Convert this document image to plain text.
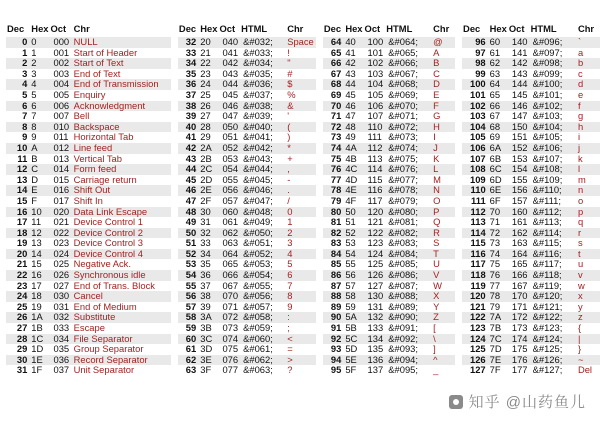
Dec	Hex	Oct	Chr
0	0	000	NULL
1	1	001	Start of Header
2	2	002	Start of Text
3	3	003	End of Text
4	4	004	End of Transmission
5	5	005	Enquiry
6	6	006	Acknowledgment
7	7	007	Bell
8	8	010	Backspace
9	9	011	Horizontal Tab
10	A	012	Line feed
11	B	013	Vertical Tab
12	C	014	Form feed
13	D	015	Carriage return
14	E	016	Shift Out
15	F	017	Shift In
16	10	020	Data Link Escape
17	11	021	Device Control 1
18	12	022	Device Control 2
19	13	023	Device Control 3
20	14	024	Device Control 4
21	15	025	Negative Ack.
22	16	026	Synchronous idle
23	17	027	End of Trans. Block
24	18	030	Cancel
25	19	031	End of Medium
26	1A	032	Substitute
27	1B	033	Escape
28	1C	034	File Separator
29	1D	035	Group Separator
30	1E	036	Record Separator
31	1F	037	Unit Separator
Dec	Hex	Oct	HTML	Chr
32	20	040	&#032;	Space
33	21	041	&#033;	!
34	22	042	&#034;	"
35	23	043	&#035;	#
36	24	044	&#036;	$
37	25	045	&#037;	%
38	26	046	&#038;	&
39	27	047	&#039;	'
40	28	050	&#040;	(
41	29	051	&#041;	)
42	2A	052	&#042;	*
43	2B	053	&#043;	+
44	2C	054	&#044;	,
45	2D	055	&#045;	-
46	2E	056	&#046;	.
47	2F	057	&#047;	/
48	30	060	&#048;	0
49	31	061	&#049;	1
50	32	062	&#050;	2
51	33	063	&#051;	3
52	34	064	&#052;	4
53	35	065	&#053;	5
54	36	066	&#054;	6
55	37	067	&#055;	7
56	38	070	&#056;	8
57	39	071	&#057;	9
58	3A	072	&#058;	:
59	3B	073	&#059;	;
60	3C	074	&#060;	<
61	3D	075	&#061;	=
62	3E	076	&#062;	>
63	3F	077	&#063;	?
Dec	Hex	Oct	HTML	Chr
64	40	100	&#064;	@
65	41	101	&#065;	A
66	42	102	&#066;	B
67	43	103	&#067;	C
68	44	104	&#068;	D
69	45	105	&#069;	E
70	46	106	&#070;	F
71	47	107	&#071;	G
72	48	110	&#072;	H
73	49	111	&#073;	I
74	4A	112	&#074;	J
75	4B	113	&#075;	K
76	4C	114	&#076;	L
77	4D	115	&#077;	M
78	4E	116	&#078;	N
79	4F	117	&#079;	O
80	50	120	&#080;	P
81	51	121	&#081;	Q
82	52	122	&#082;	R
83	53	123	&#083;	S
84	54	124	&#084;	T
85	55	125	&#085;	U
86	56	126	&#086;	V
87	57	127	&#087;	W
88	58	130	&#088;	X
89	59	131	&#089;	Y
90	5A	132	&#090;	Z
91	5B	133	&#091;	[
92	5C	134	&#092;	\
93	5D	135	&#093;	]
94	5E	136	&#094;	^
95	5F	137	&#095;	_
Dec	Hex	Oct	HTML	Chr
96	60	140	&#096;	`
97	61	141	&#097;	a
98	62	142	&#098;	b
99	63	143	&#099;	c
100	64	144	&#100;	d
101	65	145	&#101;	e
102	66	146	&#102;	f
103	67	147	&#103;	g
104	68	150	&#104;	h
105	69	151	&#105;	i
106	6A	152	&#106;	j
107	6B	153	&#107;	k
108	6C	154	&#108;	l
109	6D	155	&#109;	m
110	6E	156	&#110;	n
111	6F	157	&#111;	o
112	70	160	&#112;	p
113	71	161	&#113;	q
114	72	162	&#114;	r
115	73	163	&#115;	s
116	74	164	&#116;	t
117	75	165	&#117;	u
118	76	166	&#118;	v
119	77	167	&#119;	w
120	78	170	&#120;	x
121	79	171	&#121;	y
122	7A	172	&#122;	z
123	7B	173	&#123;	{
124	7C	174	&#124;	|
125	7D	175	&#125;	}
126	7E	176	&#126;	~
127	7F	177	&#127;	Del
知乎 @山药鱼儿
